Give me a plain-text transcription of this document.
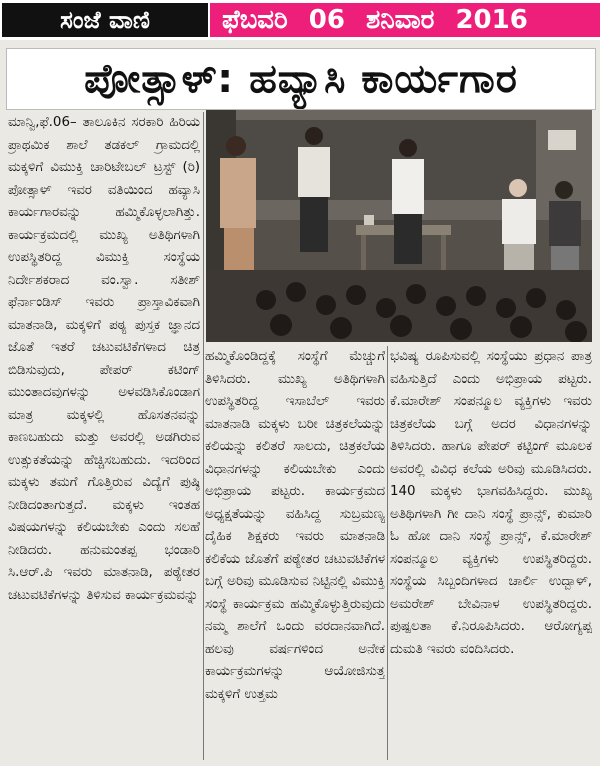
ಸಂಜೆ ವಾಣಿ	ಫೆಬವರಿ 06 ಶನಿವಾರ 2016
ಪೋತ್ಸಾಳ್: ಹವ್ಯಾಸಿ ಕಾರ್ಯಗಾರ
ಮಾನ್ವಿ,ಫೆ.06– ತಾಲೂಕಿನ ಸರಕಾರಿ ಹಿರಿಯ ಪ್ರಾಥಮಿಕ ಶಾಲೆ ತಡಕಲ್ ಗ್ರಾಮದಲ್ಲಿ ಮಕ್ಕಳಿಗೆ ವಿಮುಕ್ತಿ ಚಾರಿಟೇಬಲ್ ಟ್ರಸ್ಟ್ (ರಿ) ಪೋತ್ಸಾಳ್ ಇವರ ವತಿಯಿಂದ ಹವ್ಯಾಸಿ ಕಾರ್ಯಗಾರವನ್ನು ಹಮ್ಮಿಕೊಳ್ಳಲಾಗಿತ್ತು. ಕಾರ್ಯಕ್ರಮದಲ್ಲಿ ಮುಖ್ಯ ಅತಿಥಿಗಳಾಗಿ ಉಪಸ್ಥಿತರಿದ್ದ ವಿಮುಕ್ತಿ ಸಂಸ್ಥೆಯ ನಿರ್ದೇಶಕರಾದ ವಂ.ಸ್ವಾ. ಸತೀಶ್ ಫೆರ್ನಾಂಡಿಸ್ ಇವರು ಪ್ರಾಸ್ತಾವಿಕವಾಗಿ ಮಾತನಾಡಿ, ಮಕ್ಕಳಿಗೆ ಪಠ್ಯ ಪುಸ್ತಕ ಜ್ಞಾನದ ಜೊತೆ ಇತರೆ ಚಟುವಟಿಕೆಗಳಾದ ಚಿತ್ರ ಬಿಡಿಸುವುದು, ಪೇಪರ್ ಕಟಿಂಗ್ ಮುಂತಾದವುಗಳನ್ನು ಅಳವಡಿಸಿಕೊಂಡಾಗ ಮಾತ್ರ ಮಕ್ಕಳಲ್ಲಿ ಹೊಸತನವನ್ನು ಕಾಣಬಹುದು ಮತ್ತು ಅವರಲ್ಲಿ ಅಡಗಿರುವ ಉತ್ಸುಕತೆಯನ್ನು ಹೆಚ್ಚಿಸಬಹುದು. ಇದರಿಂದ ಮಕ್ಕಳು ತಮಗೆ ಗೊತ್ತಿರುವ ವಿದ್ಯೆಗೆ ಪುಷ್ಠಿ ನೀಡಿದಂತಾಗುತ್ತದೆ. ಮಕ್ಕಳು ಇಂತಹ ವಿಷಯಗಳನ್ನು ಕಲಿಯಬೇಕು ಎಂದು ಸಲಹೆ ನೀಡಿದರು. ಹನುಮಂತಪ್ಪ ಭಂಡಾರಿ ಸಿ.ಆರ್.ಪಿ ಇವರು ಮಾತನಾಡಿ, ಪಠ್ಯೇತರ ಚಟುವಟಿಕೆಗಳನ್ನು ತಿಳಿಸುವ ಕಾರ್ಯಕ್ರಮವನ್ನು
ಹಮ್ಮಿಕೊಂಡಿದ್ದಕ್ಕೆ ಸಂಸ್ಥೆಗೆ ಮೆಚ್ಚುಗೆ ತಿಳಿಸಿದರು. ಮುಖ್ಯ ಅತಿಥಿಗಳಾಗಿ ಉಪಸ್ಥಿತರಿದ್ದ ಇಸಾಬೆಲ್ ಇವರು ಮಾತನಾಡಿ ಮಕ್ಕಳು ಬರೀ ಚಿತ್ರಕಲೆಯನ್ನು ಕಲಿಯನ್ನು ಕಲಿತರೆ ಸಾಲದು, ಚಿತ್ರಕಲೆಯ ವಿಧಾನಗಳನ್ನು ಕಲಿಯಬೇಕು ಎಂದು ಅಭಿಪ್ರಾಯ ಪಟ್ಟರು. ಕಾರ್ಯಕ್ರಮದ ಅಧ್ಯಕ್ಷತೆಯನ್ನು ವಹಿಸಿದ್ದ ಸುಬ್ರಮಣ್ಯ ದೈಹಿಕ ಶಿಕ್ಷಕರು ಇವರು ಮಾತನಾಡಿ ಕಲಿಕೆಯ ಜೊತೆಗೆ ಪಠ್ಯೇತರ ಚಟುವಟಿಕೆಗಳ ಬಗ್ಗೆ ಅರಿವು ಮೂಡಿಸುವ ನಿಟ್ಟಿನಲ್ಲಿ ವಿಮುಕ್ತಿ ಸಂಸ್ಥೆ ಕಾರ್ಯಕ್ರಮ ಹಮ್ಮಿಕೊಳ್ಳುತ್ತಿರುವುದು ನಮ್ಮ ಶಾಲೆಗೆ ಒಂದು ವರದಾನವಾಗಿದೆ. ಹಲವು ವರ್ಷಗಳಿಂದ ಅನೇಕ ಕಾರ್ಯಕ್ರಮಗಳನ್ನು ಆಯೋಜಿಸುತ್ತ ಮಕ್ಕಳಿಗೆ ಉತ್ತಮ
ಭವಿಷ್ಯ ರೂಪಿಸುವಲ್ಲಿ ಸಂಸ್ಥೆಯು ಪ್ರಧಾನ ಪಾತ್ರ ವಹಿಸುತ್ತಿದೆ ಎಂದು ಅಭಿಪ್ರಾಯ ಪಟ್ಟರು. ಕೆ.ಮಾರೇಶ್ ಸಂಪನ್ಮೂಲ ವ್ಯಕ್ತಿಗಳು ಇವರು ಚಿತ್ರಕಲೆಯ ಬಗ್ಗೆ ಅದರ ವಿಧಾನಗಳನ್ನು ತಿಳಿಸಿದರು. ಹಾಗೂ ಪೇಪರ್ ಕಟ್ಟಿಂಗ್ ಮೂಲಕ ಅವರಲ್ಲಿ ವಿವಿಧ ಕಲೆಯ ಅರಿವು ಮೂಡಿಸಿದರು. 140 ಮಕ್ಕಳು ಭಾಗವಹಿಸಿದ್ದರು. ಮುಖ್ಯ ಅತಿಥಿಗಳಾಗಿ ಗೀ ದಾನಿ ಸಂಸ್ಥೆ ಪ್ರಾನ್ಸ್, ಕುಮಾರಿ ಓ ಹೋ ದಾನಿ ಸಂಸ್ಥೆ ಪ್ರಾನ್ಸ್, ಕೆ.ಮಾರೇಶ್ ಸಂಪನ್ಮೂಲ ವ್ಯಕ್ತಿಗಳು ಉಪಸ್ಥಿತರಿದ್ದರು. ಸಂಸ್ಥೆಯ ಸಿಬ್ಬಂದಿಗಳಾದ ಚಾರ್ಲಿ ಉದ್ಬಾಳ್, ಅಮರೇಶ್ ಬೇವಿನಾಳ ಉಪಸ್ಥಿತರಿದ್ದರು. ಪುಷ್ಪಲತಾ ಕೆ.ನಿರೂಪಿಸಿದರು. ಆರೋಗ್ಯಪ್ಪ ದುಮತಿ ಇವರು ವಂದಿಸಿದರು.
